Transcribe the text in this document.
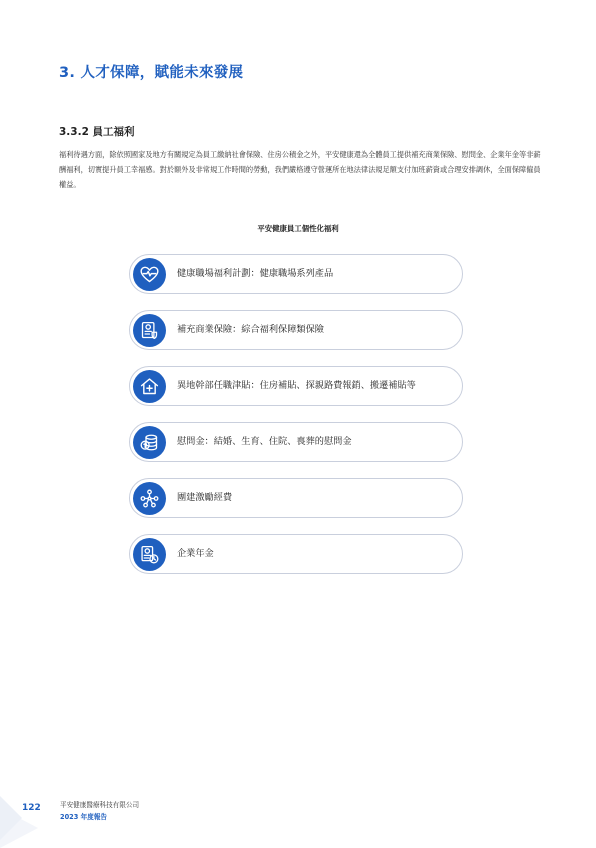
3. 人才保障，賦能未來發展
3.3.2 員工福利

福利待遇方面，除依照國家及地方有關規定為員工繳納社會保險、住房公積金之外，平安健康還為全體員工提供補充商業保險、慰問金、企業年金等非薪酬福利，切實提升員工幸福感。對於額外及非常規工作時間的勞動，我們嚴格遵守營運所在地法律法規足額支付加班薪資或合理安排調休，全面保障僱員權益。

平安健康員工個性化福利
健康職場福利計劃：健康職場系列產品
補充商業保險：綜合福利保障類保險
異地幹部任職津貼：住房補貼、探親路費報銷、搬遷補貼等
慰問金：結婚、生育、住院、喪葬的慰問金
團建激勵經費
企業年金
122	平安健康醫療科技有限公司
2023 年度報告
